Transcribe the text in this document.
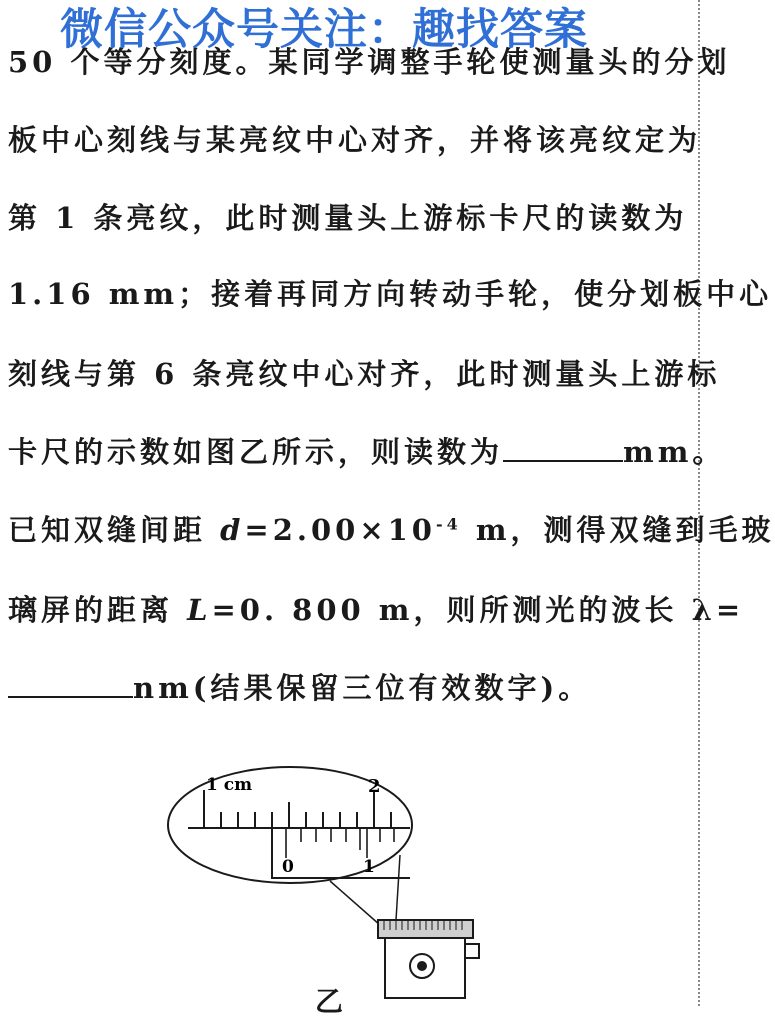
微信公众号关注：趣找答案
50 个等分刻度。某同学调整手轮使测量头的分划
板中心刻线与某亮纹中心对齐，并将该亮纹定为
第 1 条亮纹，此时测量头上游标卡尺的读数为
1.16 mm；接着再同方向转动手轮，使分划板中心
刻线与第 6 条亮纹中心对齐，此时测量头上游标
卡尺的示数如图乙所示，则读数为	mm。
已知双缝间距 $d=2.00\times 10^{-4}$ m，测得双缝到毛玻
璃屏的距离 L=0. 800 m，则所测光的波长 λ=
nm(结果保留三位有效数字)。
1 cm	2
0	1
乙
